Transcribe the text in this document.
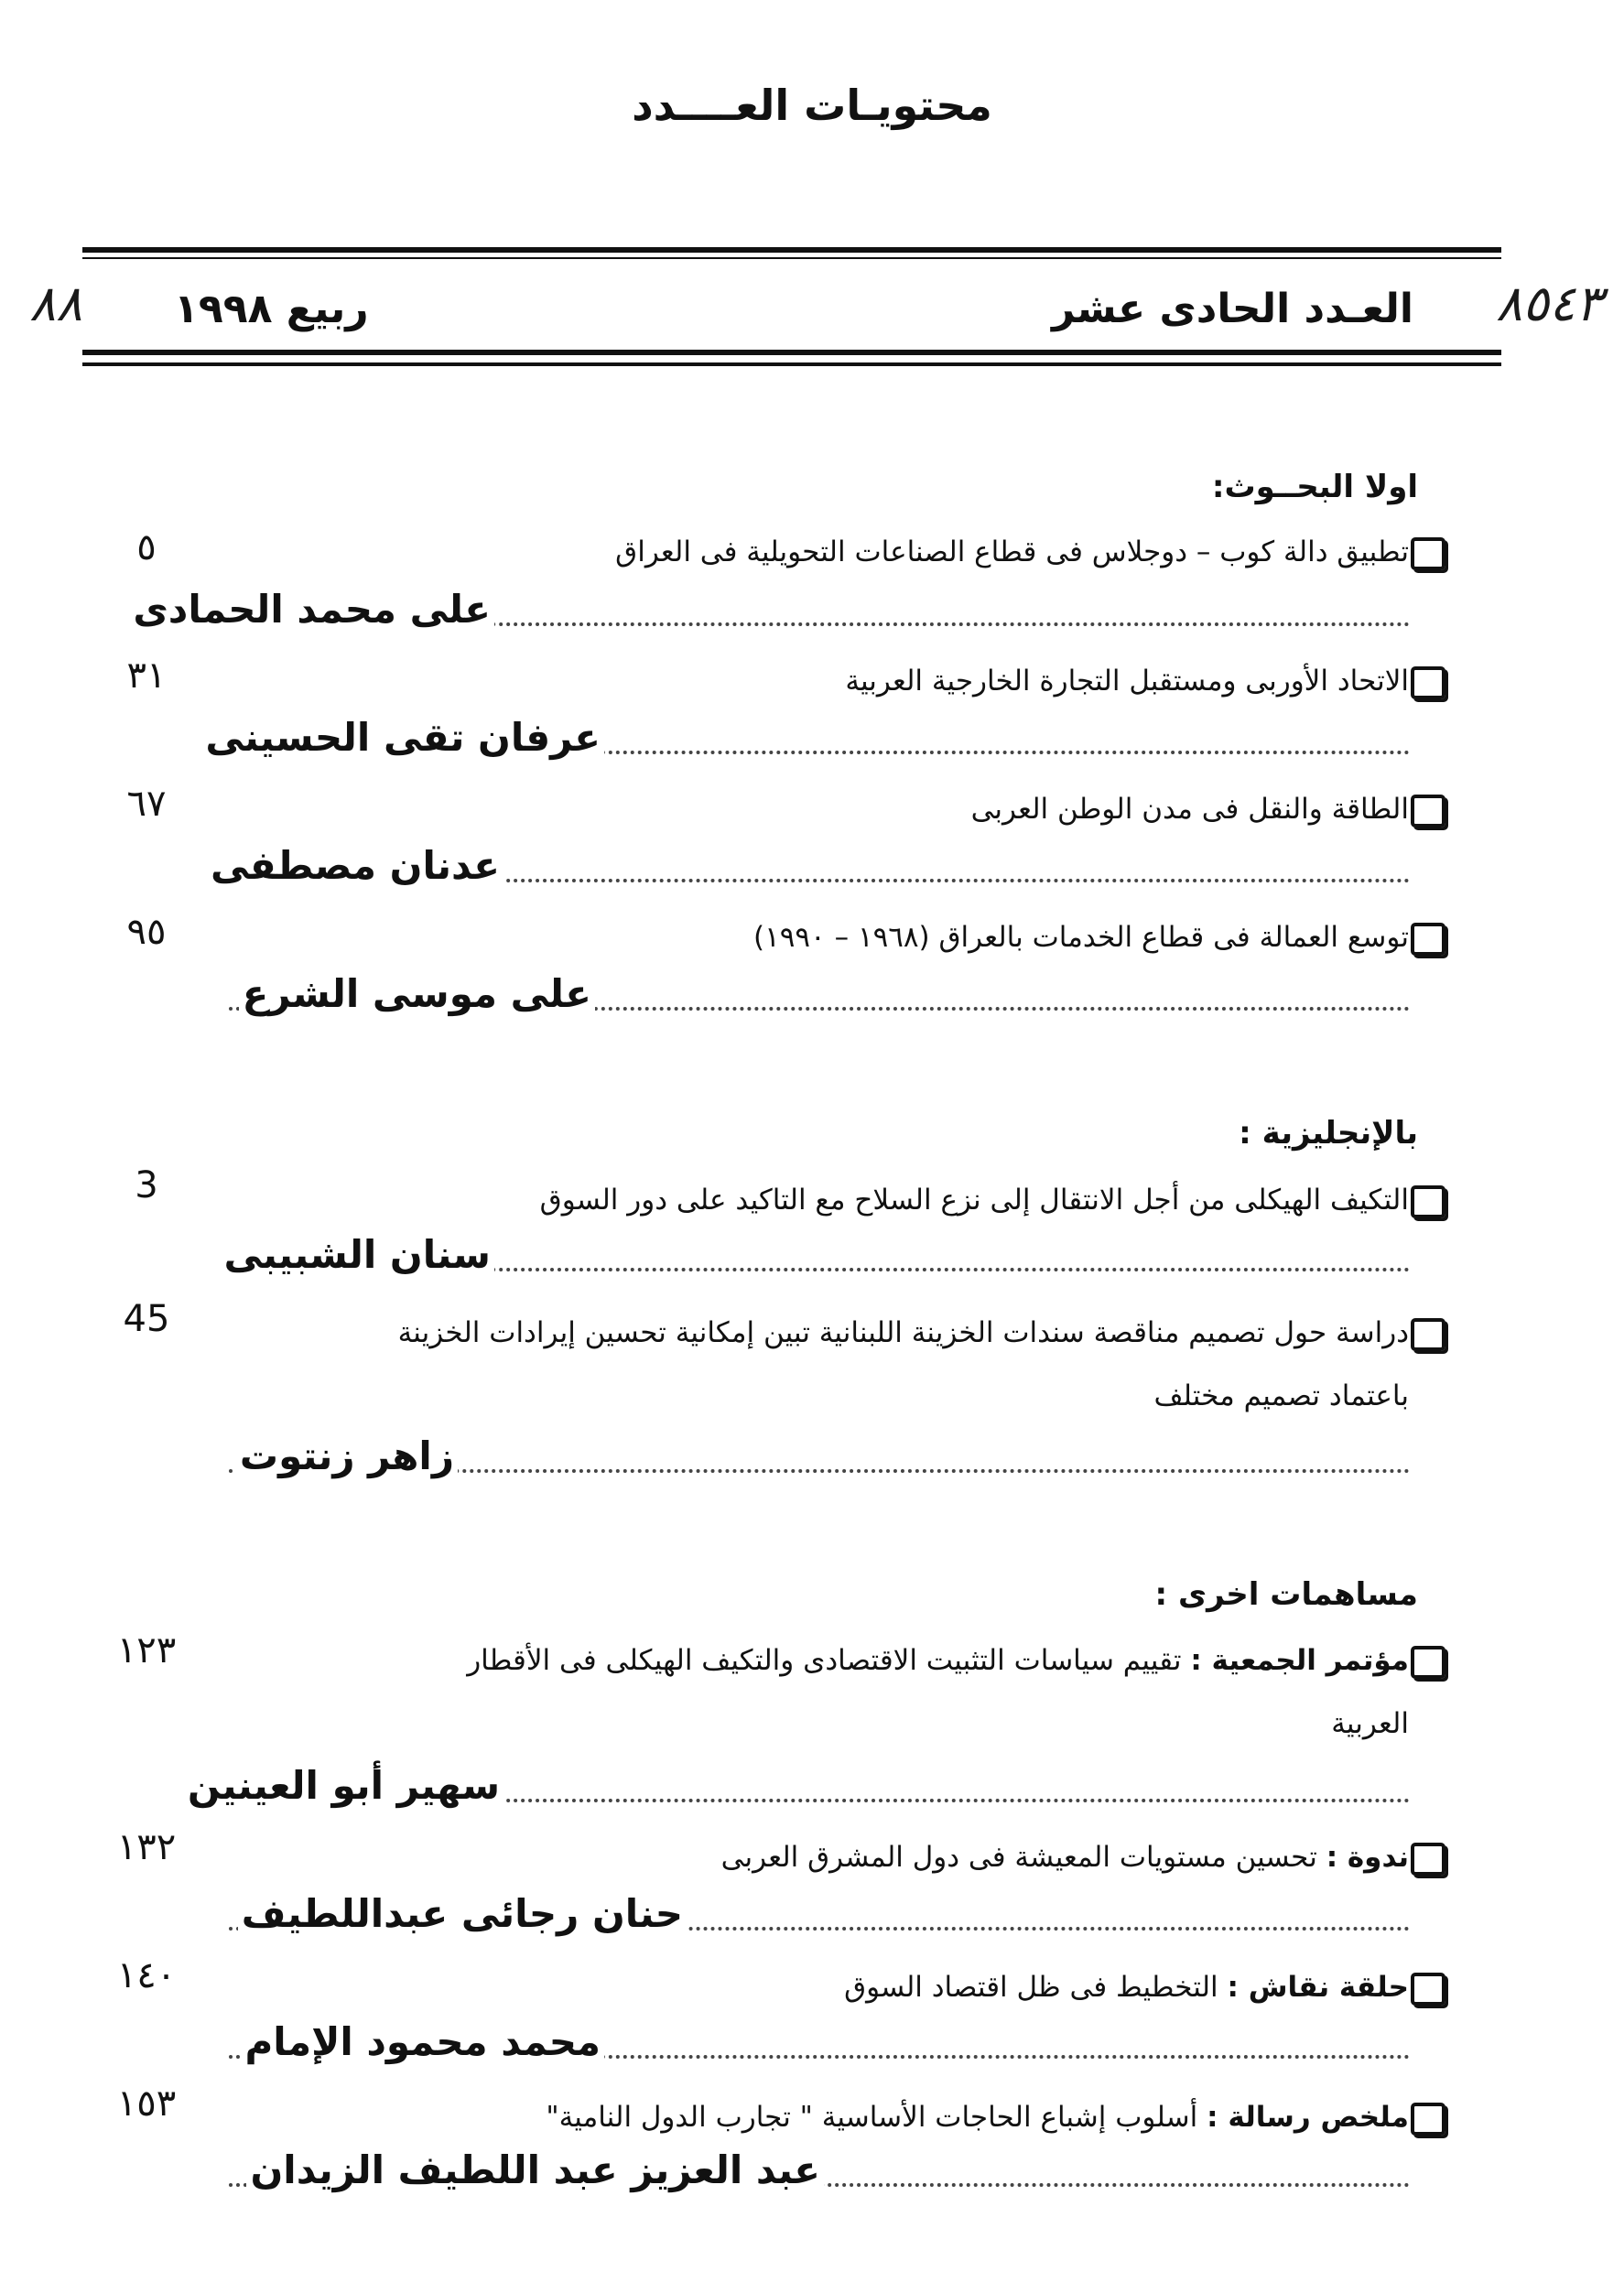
محتويـات العــــدد
٨٨ ربيع ١٩٩٨	العـدد الحادى عشر ٨٥٤٣
اولا البحــوث:
تطبيق دالة كوب – دوجلاس فى قطاع الصناعات التحويلية فى العراق
٥
على محمد الحمادى
الاتحاد الأوربى ومستقبل التجارة الخارجية العربية
٣١
عرفان تقى الحسينى
الطاقة والنقل فى مدن الوطن العربى
٦٧
عدنان مصطفى
توسع العمالة فى قطاع الخدمات بالعراق (١٩٦٨ – ١٩٩٠)
٩٥
على موسى الشرع
بالإنجليزية :
التكيف الهيكلى من أجل الانتقال إلى نزع السلاح مع التاكيد على دور السوق
3
سنان الشبيبى
دراسة حول تصميم مناقصة سندات الخزينة اللبنانية تبين إمكانية تحسين إيرادات الخزينة
باعتماد تصميم مختلف
45
زاهر زنتوت
مساهمات اخرى :
مؤتمر الجمعية : تقييم سياسات التثبيت الاقتصادى والتكيف الهيكلى فى الأقطار
العربية
١٢٣
سهير أبو العينين
ندوة : تحسين مستويات المعيشة فى دول المشرق العربى
١٣٢
حنان رجائى عبداللطيف
حلقة نقاش : التخطيط فى ظل اقتصاد السوق
١٤٠
محمد محمود الإمام
ملخص رسالة : أسلوب إشباع الحاجات الأساسية " تجارب الدول النامية"
١٥٣
عبد العزيز عبد اللطيف الزيدان
